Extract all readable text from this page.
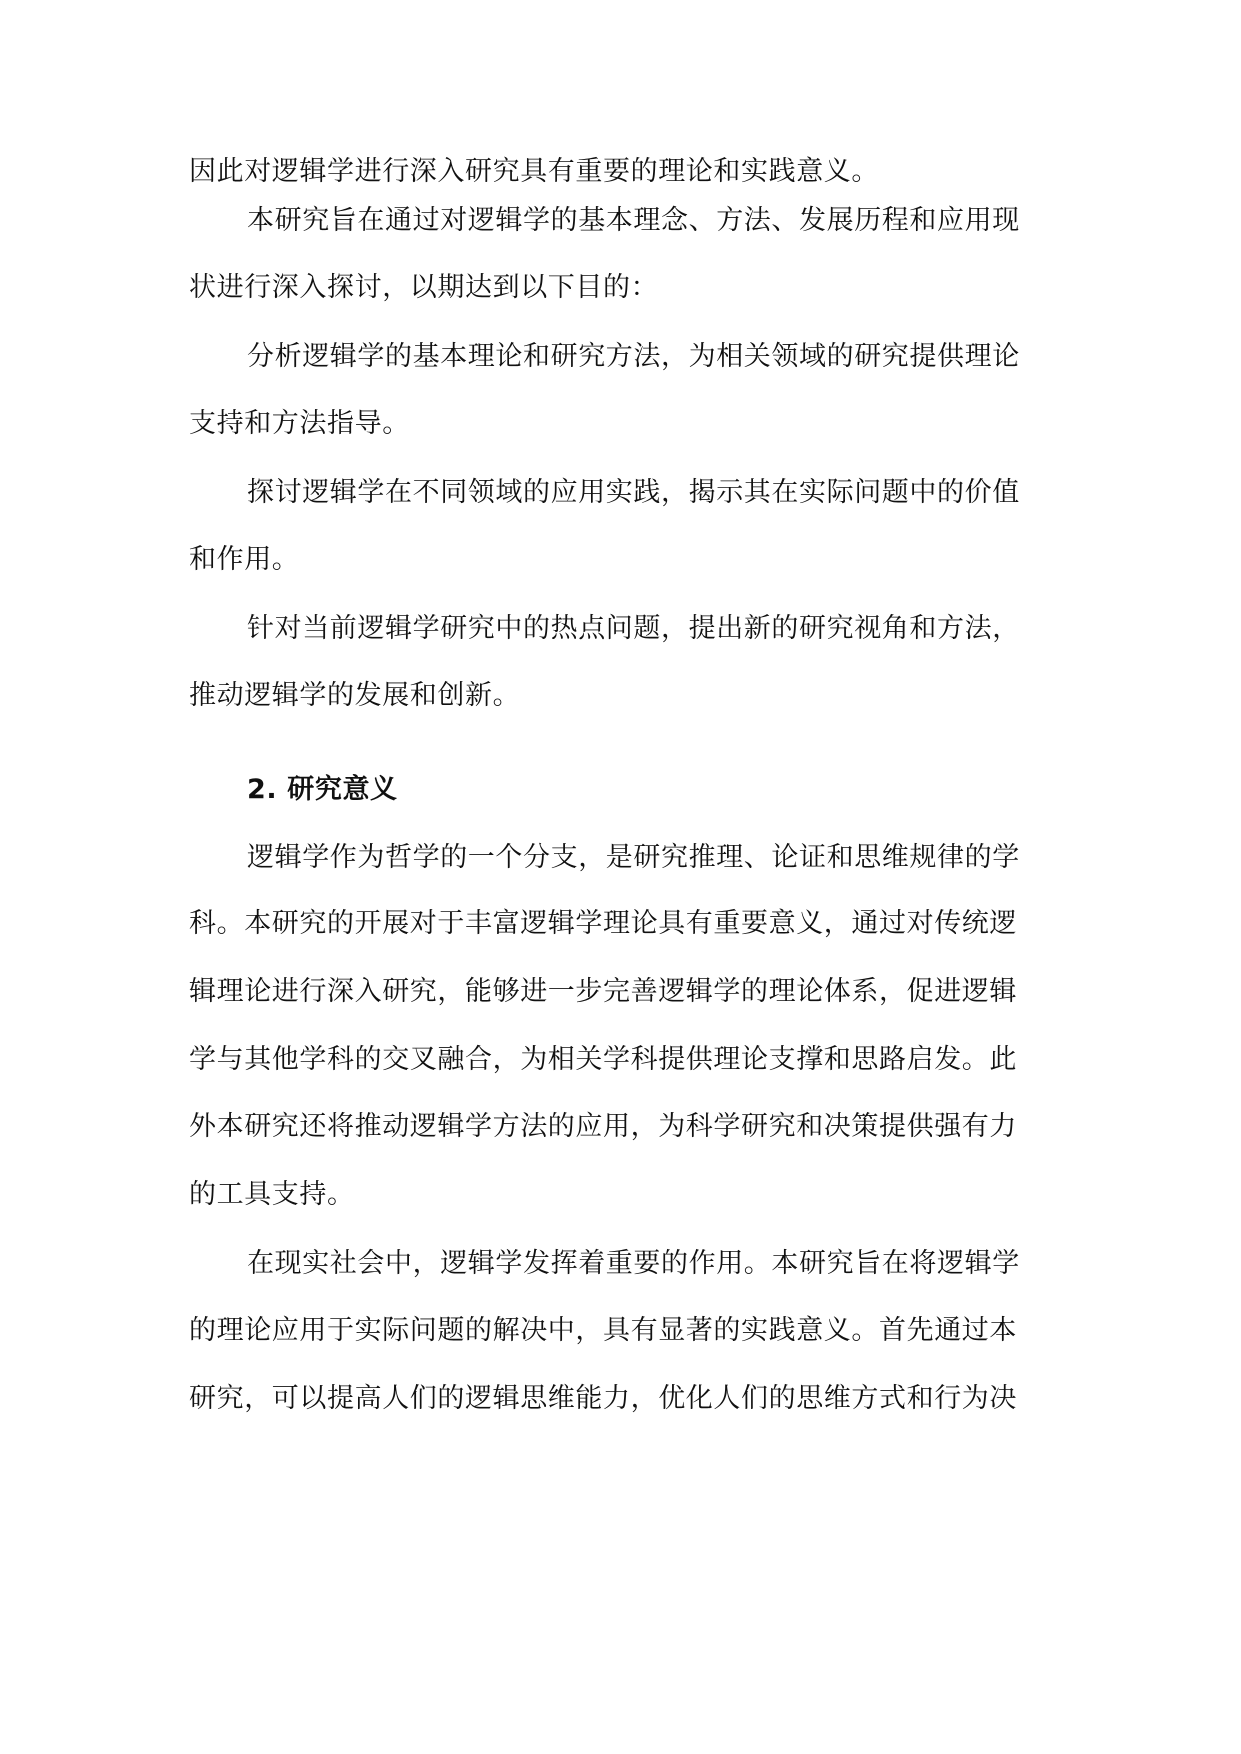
因此对逻辑学进行深入研究具有重要的理论和实践意义。
本研究旨在通过对逻辑学的基本理念、方法、发展历程和应用现
状进行深入探讨，以期达到以下目的：
分析逻辑学的基本理论和研究方法，为相关领域的研究提供理论
支持和方法指导。
探讨逻辑学在不同领域的应用实践，揭示其在实际问题中的价值
和作用。
针对当前逻辑学研究中的热点问题，提出新的研究视角和方法，
推动逻辑学的发展和创新。
2. 研究意义
逻辑学作为哲学的一个分支，是研究推理、论证和思维规律的学
科。本研究的开展对于丰富逻辑学理论具有重要意义，通过对传统逻
辑理论进行深入研究，能够进一步完善逻辑学的理论体系，促进逻辑
学与其他学科的交叉融合，为相关学科提供理论支撑和思路启发。此
外本研究还将推动逻辑学方法的应用，为科学研究和决策提供强有力
的工具支持。
在现实社会中，逻辑学发挥着重要的作用。本研究旨在将逻辑学
的理论应用于实际问题的解决中，具有显著的实践意义。首先通过本
研究，可以提高人们的逻辑思维能力，优化人们的思维方式和行为决
